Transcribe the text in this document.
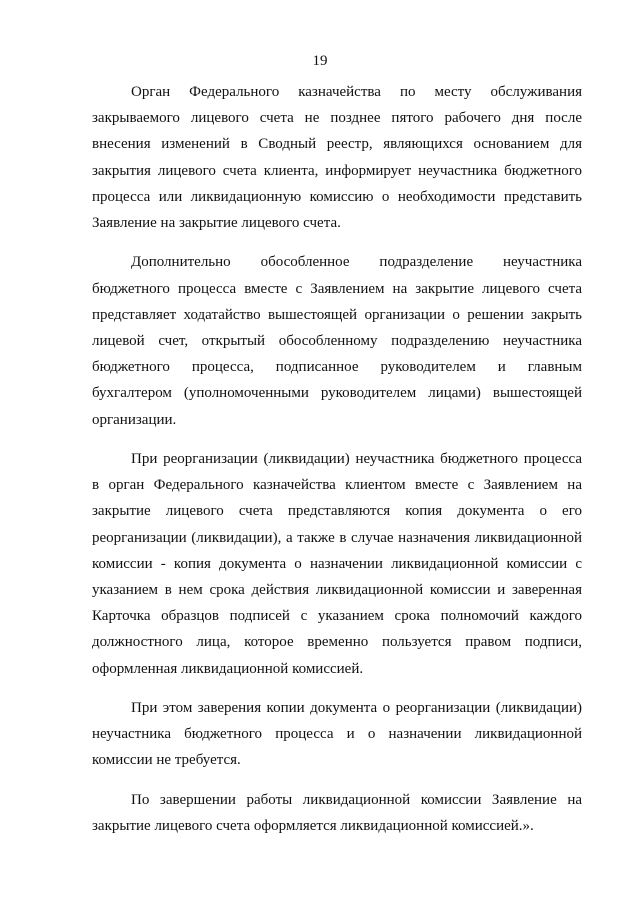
19
Орган Федерального казначейства по месту обслуживания
закрываемого лицевого счета не позднее пятого рабочего дня после
внесения изменений в Сводный реестр, являющихся основанием для
закрытия лицевого счета клиента, информирует неучастника бюджетного
процесса или ликвидационную комиссию о необходимости представить
Заявление на закрытие лицевого счета.
Дополнительно обособленное подразделение неучастника
бюджетного процесса вместе с Заявлением на закрытие лицевого счета
представляет ходатайство вышестоящей организации о решении закрыть
лицевой счет, открытый обособленному подразделению неучастника
бюджетного процесса, подписанное руководителем и главным
бухгалтером (уполномоченными руководителем лицами) вышестоящей
организации.
При реорганизации (ликвидации) неучастника бюджетного процесса
в орган Федерального казначейства клиентом вместе с Заявлением на
закрытие лицевого счета представляются копия документа о его
реорганизации (ликвидации), а также в случае назначения ликвидационной
комиссии - копия документа о назначении ликвидационной комиссии с
указанием в нем срока действия ликвидационной комиссии и заверенная
Карточка образцов подписей с указанием срока полномочий каждого
должностного лица, которое временно пользуется правом подписи,
оформленная ликвидационной комиссией.
При этом заверения копии документа о реорганизации (ликвидации)
неучастника бюджетного процесса и о назначении ликвидационной
комиссии не требуется.
По завершении работы ликвидационной комиссии Заявление на
закрытие лицевого счета оформляется ликвидационной комиссией.».
